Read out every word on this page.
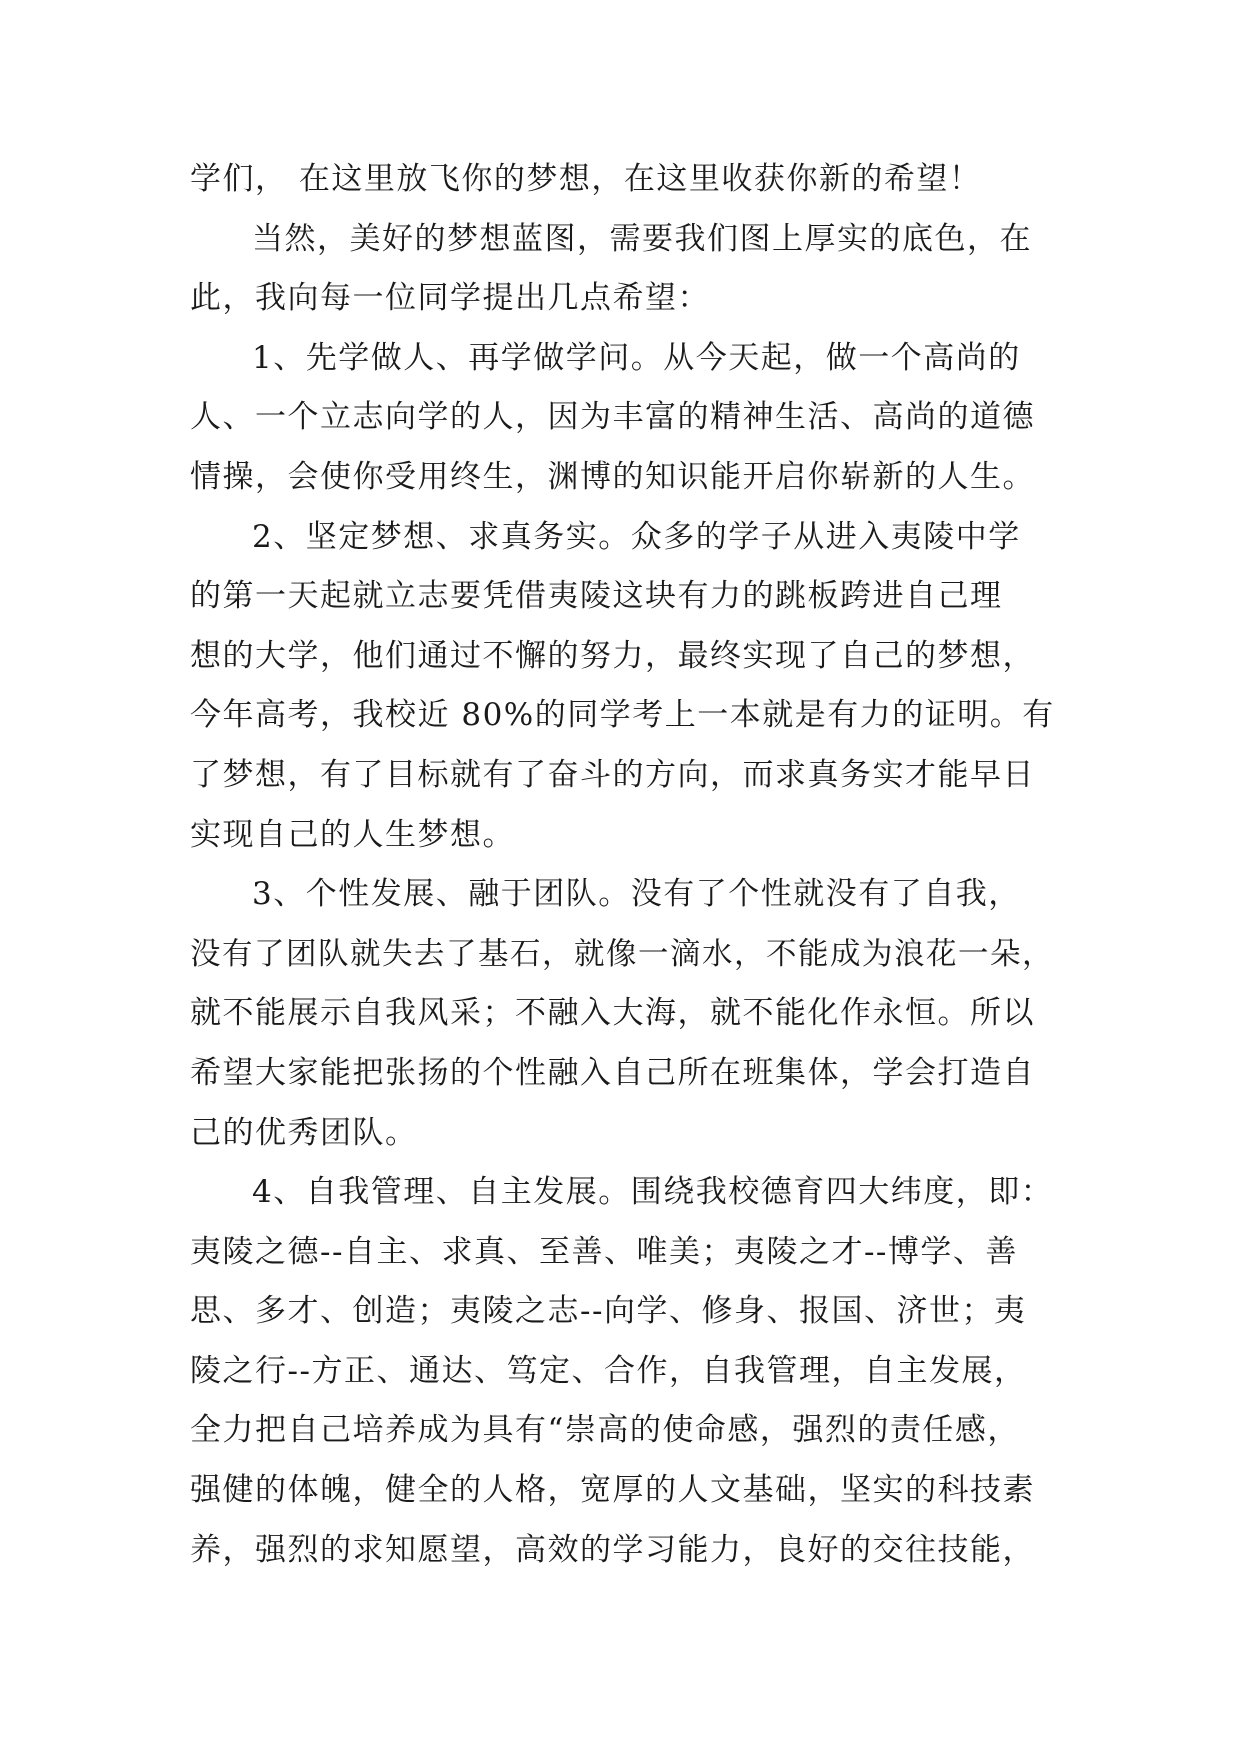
学们， 在这里放飞你的梦想，在这里收获你新的希望！
当然，美好的梦想蓝图，需要我们图上厚实的底色，在
此，我向每一位同学提出几点希望：
1、先学做人、再学做学问。从今天起，做一个高尚的
人、一个立志向学的人，因为丰富的精神生活、高尚的道德
情操，会使你受用终生，渊博的知识能开启你崭新的人生。
2、坚定梦想、求真务实。众多的学子从进入夷陵中学
的第一天起就立志要凭借夷陵这块有力的跳板跨进自己理
想的大学，他们通过不懈的努力，最终实现了自己的梦想，
今年高考，我校近 80%的同学考上一本就是有力的证明。有
了梦想，有了目标就有了奋斗的方向，而求真务实才能早日
实现自己的人生梦想。
3、个性发展、融于团队。没有了个性就没有了自我，
没有了团队就失去了基石，就像一滴水，不能成为浪花一朵，
就不能展示自我风采；不融入大海，就不能化作永恒。所以
希望大家能把张扬的个性融入自己所在班集体，学会打造自
己的优秀团队。
4、自我管理、自主发展。围绕我校德育四大纬度，即：
夷陵之德--自主、求真、至善、唯美；夷陵之才--博学、善
思、多才、创造；夷陵之志--向学、修身、报国、济世；夷
陵之行--方正、通达、笃定、合作，自我管理，自主发展，
全力把自己培养成为具有“崇高的使命感，强烈的责任感，
强健的体魄，健全的人格，宽厚的人文基础，坚实的科技素
养，强烈的求知愿望，高效的学习能力，良好的交往技能，
